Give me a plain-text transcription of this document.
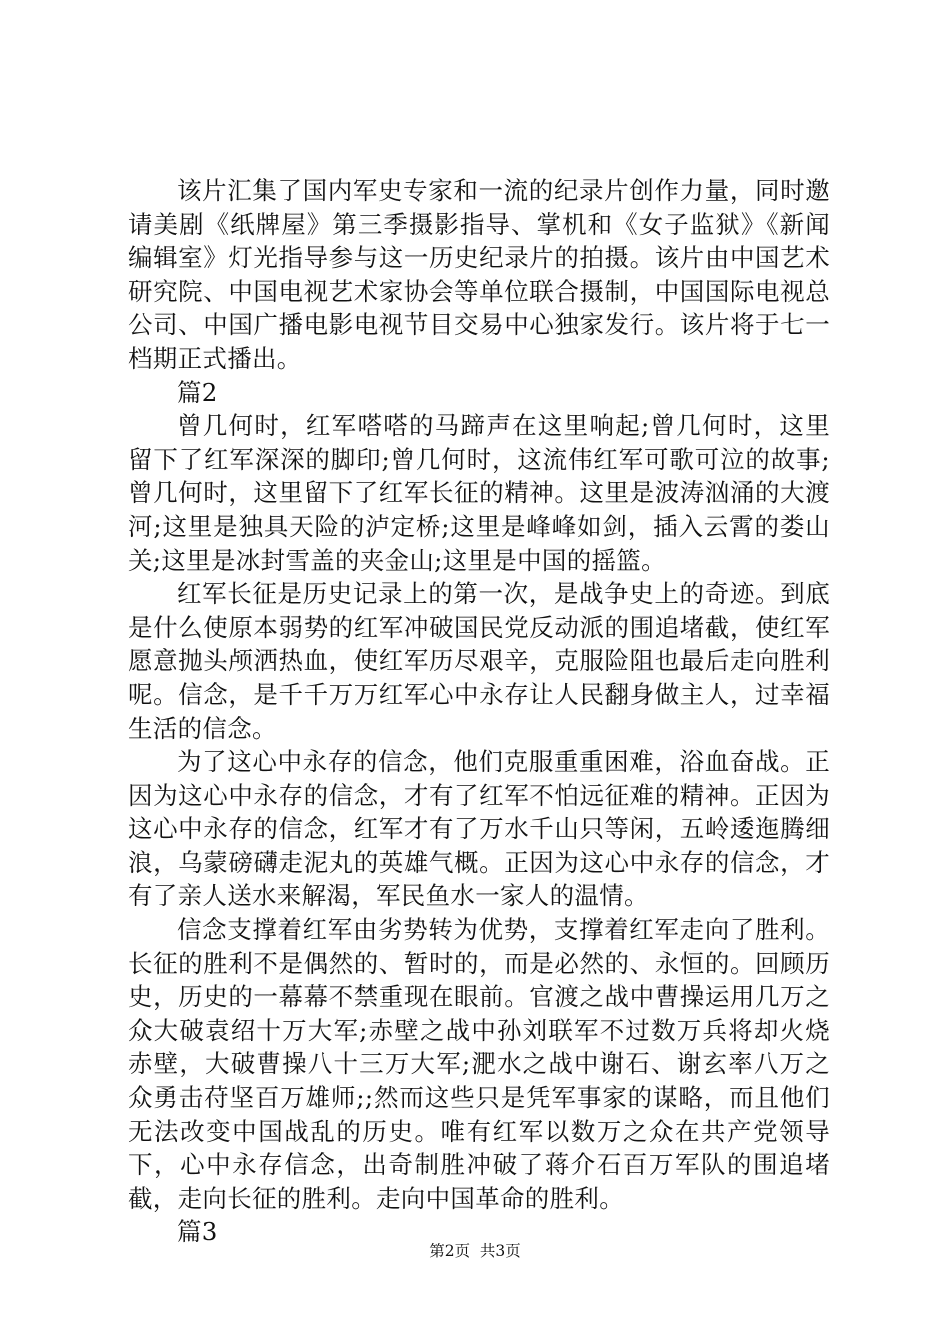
该片汇集了国内军史专家和一流的纪录片创作力量，同时邀请美剧《纸牌屋》第三季摄影指导、掌机和《女子监狱》《新闻编辑室》灯光指导参与这一历史纪录片的拍摄。该片由中国艺术研究院、中国电视艺术家协会等单位联合摄制，中国国际电视总公司、中国广播电影电视节目交易中心独家发行。该片将于七一档期正式播出。

篇2

曾几何时，红军嗒嗒的马蹄声在这里响起;曾几何时，这里留下了红军深深的脚印;曾几何时，这流伟红军可歌可泣的故事;曾几何时，这里留下了红军长征的精神。这里是波涛汹涌的大渡河;这里是独具天险的泸定桥;这里是峰峰如剑，插入云霄的娄山关;这里是冰封雪盖的夹金山;这里是中国的摇篮。

红军长征是历史记录上的第一次，是战争史上的奇迹。到底是什么使原本弱势的红军冲破国民党反动派的围追堵截，使红军愿意抛头颅洒热血，使红军历尽艰辛，克服险阻也最后走向胜利呢。信念，是千千万万红军心中永存让人民翻身做主人，过幸福生活的信念。

为了这心中永存的信念，他们克服重重困难，浴血奋战。正因为这心中永存的信念，才有了红军不怕远征难的精神。正因为这心中永存的信念，红军才有了万水千山只等闲，五岭逶迤腾细浪，乌蒙磅礴走泥丸的英雄气概。正因为这心中永存的信念，才有了亲人送水来解渴，军民鱼水一家人的温情。

信念支撑着红军由劣势转为优势，支撑着红军走向了胜利。长征的胜利不是偶然的、暂时的，而是必然的、永恒的。回顾历史，历史的一幕幕不禁重现在眼前。官渡之战中曹操运用几万之众大破袁绍十万大军;赤壁之战中孙刘联军不过数万兵将却火烧赤壁，大破曹操八十三万大军;淝水之战中谢石、谢玄率八万之众勇击苻坚百万雄师;;然而这些只是凭军事家的谋略，而且他们无法改变中国战乱的历史。唯有红军以数万之众在共产党领导下，心中永存信念，出奇制胜冲破了蒋介石百万军队的围追堵截，走向长征的胜利。走向中国革命的胜利。

篇3

第2页  共3页
